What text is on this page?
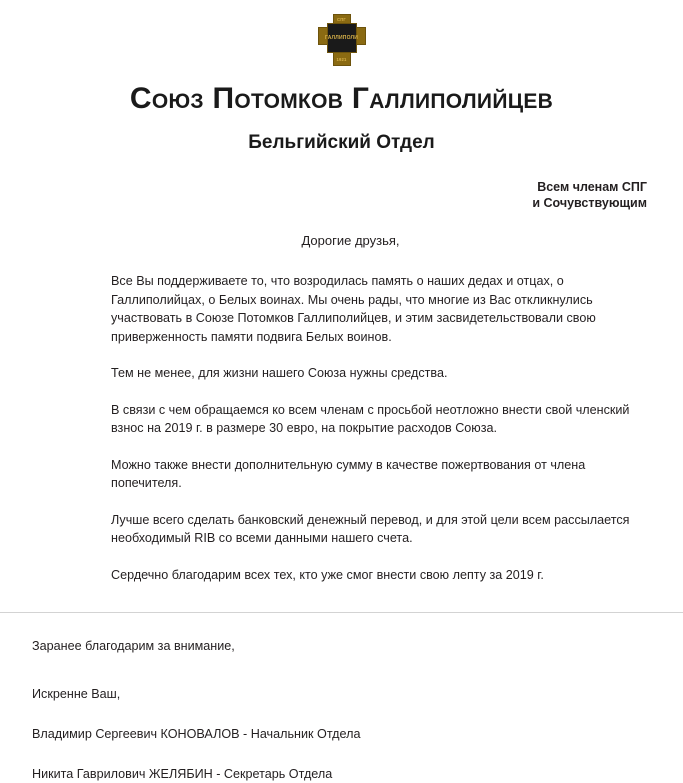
СПГ
ГАЛЛИПОЛИ
1921
Союз Потомков Галлиполийцев
Бельгийский Отдел
Всем членам СПГ
и Сочувствующим
Дорогие друзья,

Все Вы поддерживаете то, что возродилась память о наших дедах и отцах, о Галлиполийцах, о Белых воинах. Мы очень рады, что многие из Вас откликнулись участвовать в Союзе Потомков Галлиполийцев, и этим засвидетельствовали свою приверженность памяти подвига Белых воинов.

Тем не менее, для жизни нашего Союза нужны средства.

В связи с чем обращаемся ко всем членам с просьбой неотложно внести свой членский взнос на 2019 г. в размере 30 евро, на покрытие расходов Союза.

Можно также внести дополнительную сумму в качестве пожертвования от члена попечителя.

Лучше всего сделать банковский денежный перевод, и для этой цели всем рассылается необходимый RIB со всеми данными нашего счета.

Сердечно благодарим всех тех, кто уже смог внести свою лепту за 2019 г.

Заранее благодарим за внимание,
Искренне Ваш,
Владимир Сергеевич КОНОВАЛОВ - Начальник Отдела
Никита Гаврилович ЖЕЛЯБИН - Секретарь Отдела
